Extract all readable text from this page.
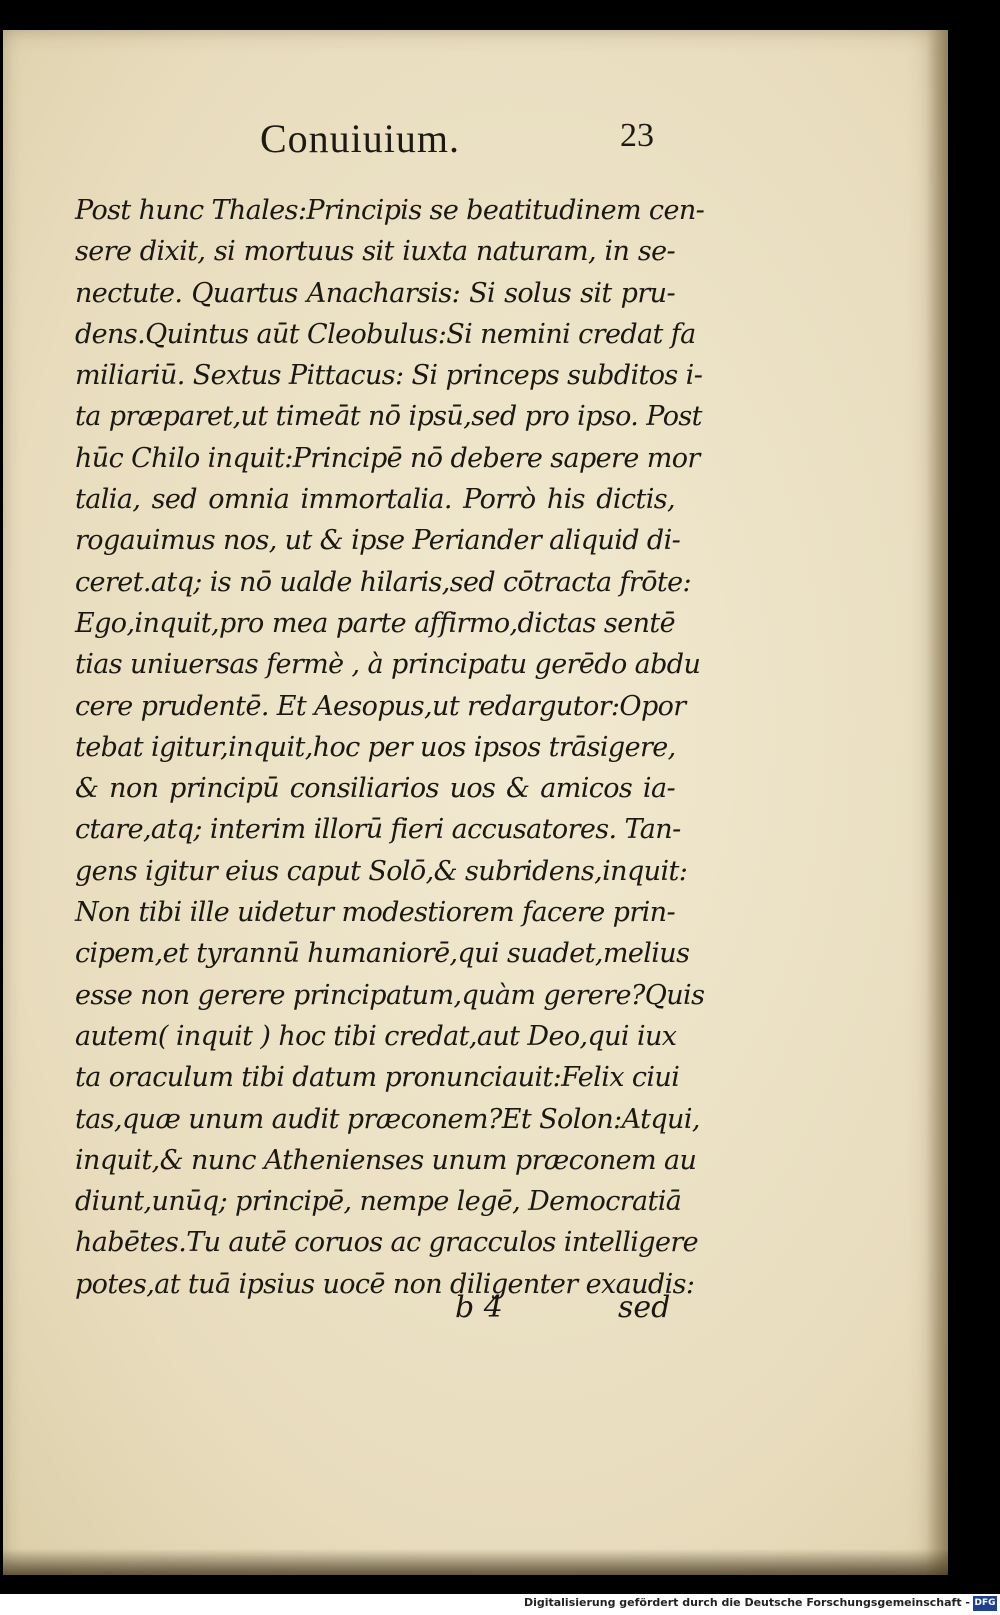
Conuiuium.	23
Post hunc Thales:Principis se beatitudinem cen-
sere dixit, si mortuus sit iuxta naturam, in se-
nectute. Quartus Anacharsis: Si solus sit pru-
dens.Quintus aūt Cleobulus:Si nemini credat fa
miliariū. Sextus Pittacus: Si princeps subditos i-
ta præparet,ut timeāt nō ipsū,sed pro ipso. Post
hūc Chilo inquit:Principē nō debere sapere mor
talia, sed omnia immortalia. Porrò his dictis,
rogauimus nos, ut & ipse Periander aliquid di-
ceret.atq; is nō ualde hilaris,sed cōtracta frōte:
Ego,inquit,pro mea parte affirmo,dictas sentē
tias uniuersas fermè , à principatu gerēdo abdu
cere prudentē. Et Aesopus,ut redargutor:Opor
tebat igitur,inquit,hoc per uos ipsos trāsigere,
& non principū consiliarios uos & amicos ia-
ctare,atq; interim illorū fieri accusatores. Tan-
gens igitur eius caput Solō,& subridens,inquit:
Non tibi ille uidetur modestiorem facere prin-
cipem,et tyrannū humaniorē,qui suadet,melius
esse non gerere principatum,quàm gerere?Quis
autem( inquit ) hoc tibi credat,aut Deo,qui iux
ta oraculum tibi datum pronunciauit:Felix ciui
tas,quæ unum audit præconem?Et Solon:Atqui,
inquit,& nunc Athenienses unum præconem au
diunt,unūq; principē, nempe legē, Democratiā
habētes.Tu autē coruos ac gracculos intelligere
potes,at tuā ipsius uocē non diligenter exaudis:
b 4	sed
Digitalisierung gefördert durch die Deutsche Forschungsgemeinschaft - DFG
